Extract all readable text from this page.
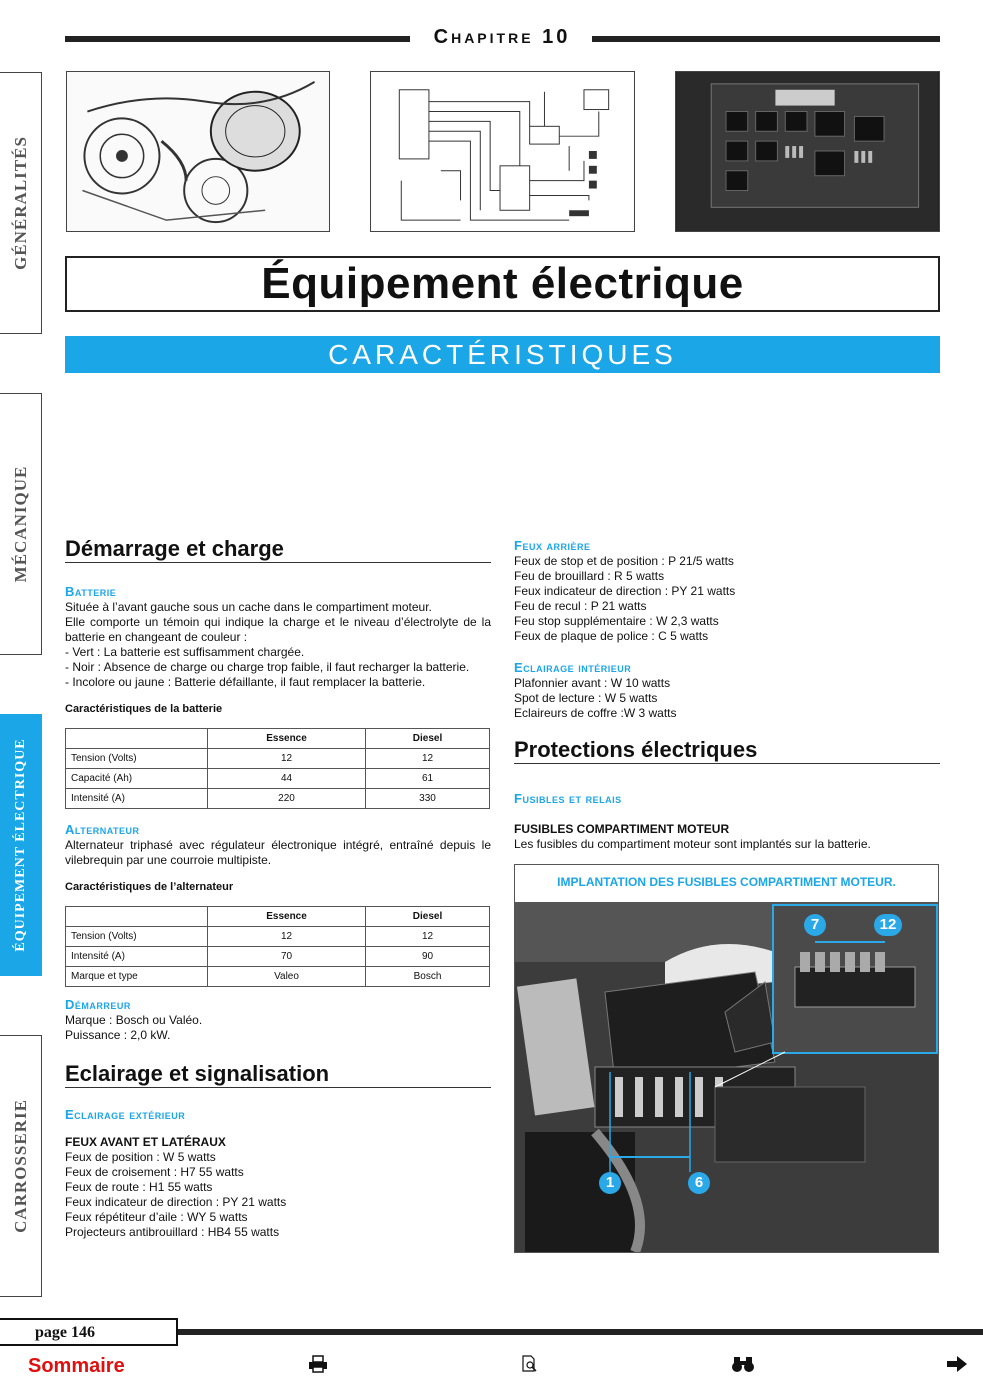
Chapitre 10
Équipement électrique
CARACTÉRISTIQUES
GÉNÉRALITÉS
MÉCANIQUE
ÉQUIPEMENT ÉLECTRIQUE
CARROSSERIE
Démarrage et charge
Batterie
Située à l’avant gauche sous un cache dans le compartiment moteur.
Elle comporte un témoin qui indique la charge et le niveau d’électrolyte de la batterie en changeant de couleur :
- Vert : La batterie est suffisamment chargée.
- Noir : Absence de charge ou charge trop faible, il faut recharger la batterie.
- Incolore ou jaune : Batterie défaillante, il faut remplacer la batterie.
Caractéristiques de la batterie
	Essence	Diesel
Tension (Volts)	12	12
Capacité (Ah)	44	61
Intensité (A)	220	330
Alternateur
Alternateur triphasé avec régulateur électronique intégré, entraîné depuis le vilebrequin par une courroie multipiste.
Caractéristiques de l’alternateur
	Essence	Diesel
Tension (Volts)	12	12
Intensité (A)	70	90
Marque et type	Valeo	Bosch
Démarreur
Marque : Bosch ou Valéo.
Puissance : 2,0 kW.
Eclairage et signalisation
Eclairage extérieur
FEUX AVANT ET LATÉRAUX
Feux de position : W 5 watts
Feux de croisement : H7 55 watts
Feux de route : H1 55 watts
Feux indicateur de direction : PY 21 watts
Feux répétiteur d’aile : WY 5 watts
Projecteurs antibrouillard : HB4 55 watts
Feux arrière
Feux de stop et de position : P 21/5 watts
Feu de brouillard : R 5 watts
Feux indicateur de direction : PY 21 watts
Feu de recul : P 21 watts
Feu stop supplémentaire : W 2,3 watts
Feux de plaque de police : C 5 watts
Eclairage intérieur
Plafonnier avant : W 10 watts
Spot de lecture : W 5 watts
Eclaireurs de coffre :W 3 watts
Protections électriques
Fusibles et relais
FUSIBLES COMPARTIMENT MOTEUR
Les fusibles du compartiment moteur sont implantés sur la batterie.
IMPLANTATION DES FUSIBLES COMPARTIMENT MOTEUR.
1	6
7	12
page 146
Sommaire
